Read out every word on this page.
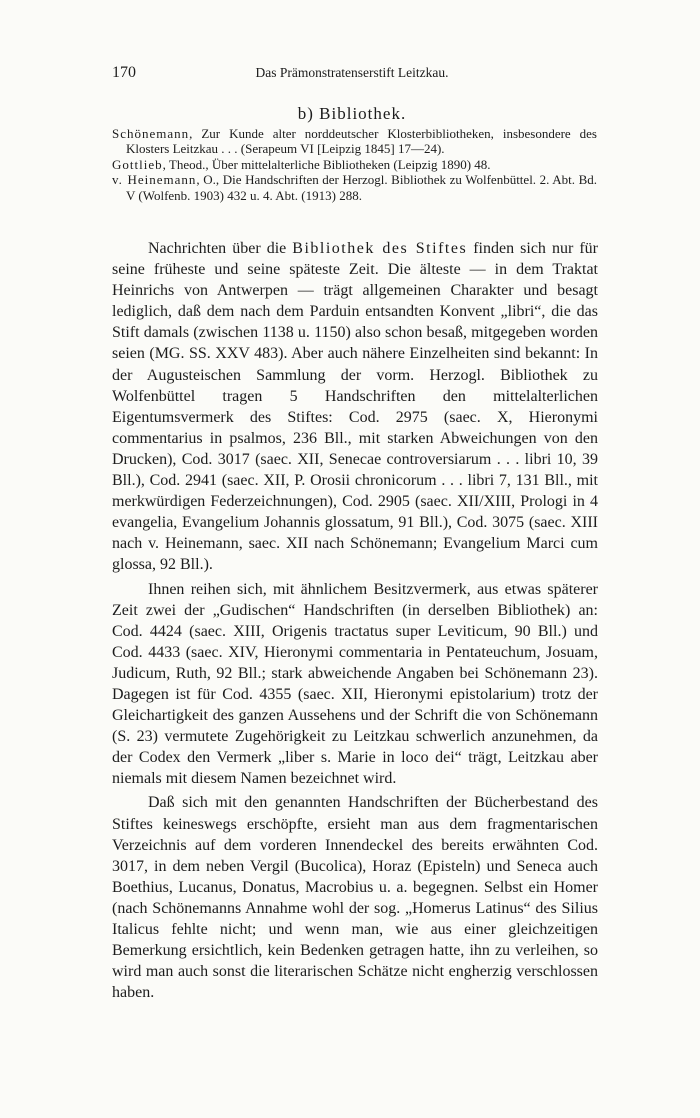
170	Das Prämonstratenserstift Leitzkau.
b) Bibliothek.
Schönemann, Zur Kunde alter norddeutscher Klosterbibliotheken, insbesondere des Klosters Leitzkau . . . (Serapeum VI [Leipzig 1845] 17—24).
Gottlieb, Theod., Über mittelalterliche Bibliotheken (Leipzig 1890) 48.
v. Heinemann, O., Die Handschriften der Herzogl. Bibliothek zu Wolfenbüttel. 2. Abt. Bd. V (Wolfenb. 1903) 432 u. 4. Abt. (1913) 288.

Nachrichten über die Bibliothek des Stiftes finden sich nur für seine früheste und seine späteste Zeit. Die älteste — in dem Traktat Heinrichs von Antwerpen — trägt allgemeinen Charakter und besagt lediglich, daß dem nach dem Parduin entsandten Konvent „libri“, die das Stift damals (zwischen 1138 u. 1150) also schon besaß, mitgegeben worden seien (MG. SS. XXV 483). Aber auch nähere Einzelheiten sind bekannt: In der Augusteischen Sammlung der vorm. Herzogl. Bibliothek zu Wolfenbüttel tragen 5 Handschriften den mittelalterlichen Eigentumsvermerk des Stiftes: Cod. 2975 (saec. X, Hieronymi commentarius in psalmos, 236 Bll., mit starken Abweichungen von den Drucken), Cod. 3017 (saec. XII, Senecae controversiarum . . . libri 10, 39 Bll.), Cod. 2941 (saec. XII, P. Orosii chronicorum . . . libri 7, 131 Bll., mit merkwürdigen Federzeichnungen), Cod. 2905 (saec. XII/XIII, Prologi in 4 evangelia, Evangelium Johannis glossatum, 91 Bll.), Cod. 3075 (saec. XIII nach v. Heinemann, saec. XII nach Schönemann; Evangelium Marci cum glossa, 92 Bll.).

Ihnen reihen sich, mit ähnlichem Besitzvermerk, aus etwas späterer Zeit zwei der „Gudischen“ Handschriften (in derselben Bibliothek) an: Cod. 4424 (saec. XIII, Origenis tractatus super Leviticum, 90 Bll.) und Cod. 4433 (saec. XIV, Hieronymi commentaria in Pentateuchum, Josuam, Judicum, Ruth, 92 Bll.; stark abweichende Angaben bei Schönemann 23). Dagegen ist für Cod. 4355 (saec. XII, Hieronymi epistolarium) trotz der Gleichartigkeit des ganzen Aussehens und der Schrift die von Schönemann (S. 23) vermutete Zugehörigkeit zu Leitzkau schwerlich anzunehmen, da der Codex den Vermerk „liber s. Marie in loco dei“ trägt, Leitzkau aber niemals mit diesem Namen bezeichnet wird.

Daß sich mit den genannten Handschriften der Bücherbestand des Stiftes keineswegs erschöpfte, ersieht man aus dem fragmentarischen Verzeichnis auf dem vorderen Innendeckel des bereits erwähnten Cod. 3017, in dem neben Vergil (Bucolica), Horaz (Episteln) und Seneca auch Boethius, Lucanus, Donatus, Macrobius u. a. begegnen. Selbst ein Homer (nach Schönemanns Annahme wohl der sog. „Homerus Latinus“ des Silius Italicus fehlte nicht; und wenn man, wie aus einer gleichzeitigen Bemerkung ersichtlich, kein Bedenken getragen hatte, ihn zu verleihen, so wird man auch sonst die literarischen Schätze nicht engherzig verschlossen haben.
